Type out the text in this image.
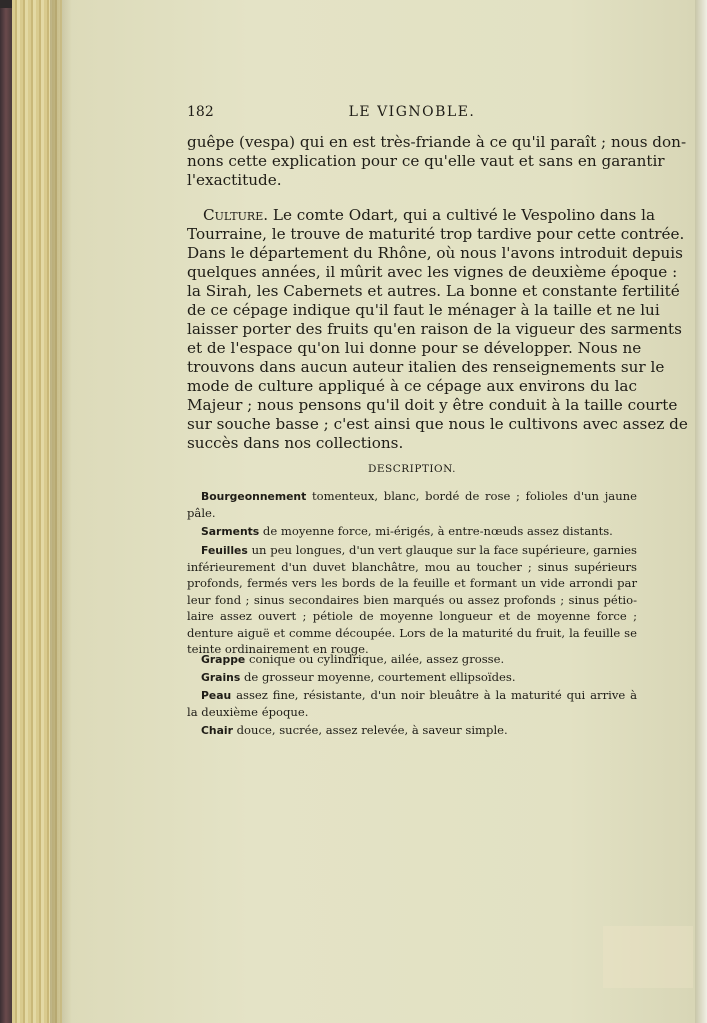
182	LE VIGNOBLE.
guêpe (vespa) qui en est très-friande à ce qu'il paraît ; nous don-
nons cette explication pour ce qu'elle vaut et sans en garantir
l'exactitude.
Culture. Le comte Odart, qui a cultivé le Vespolino dans la
Tourraine, le trouve de maturité trop tardive pour cette contrée.
Dans le département du Rhône, où nous l'avons introduit depuis
quelques années, il mûrit avec les vignes de deuxième époque :
la Sirah, les Cabernets et autres. La bonne et constante fertilité
de ce cépage indique qu'il faut le ménager à la taille et ne lui
laisser porter des fruits qu'en raison de la vigueur des sarments
et de l'espace qu'on lui donne pour se développer. Nous ne
trouvons dans aucun auteur italien des renseignements sur le
mode de culture appliqué à ce cépage aux environs du lac
Majeur ; nous pensons qu'il doit y être conduit à la taille courte
sur souche basse ; c'est ainsi que nous le cultivons avec assez de
succès dans nos collections.
DESCRIPTION.
Bourgeonnement tomenteux, blanc, bordé de rose ; folioles d'un jaune
pâle.
Sarments de moyenne force, mi-érigés, à entre-nœuds assez distants.
Feuilles un peu longues, d'un vert glauque sur la face supérieure, garnies
inférieurement d'un duvet blanchâtre, mou au toucher ; sinus supérieurs
profonds, fermés vers les bords de la feuille et formant un vide arrondi par
leur fond ; sinus secondaires bien marqués ou assez profonds ; sinus pétio-
laire assez ouvert ; pétiole de moyenne longueur et de moyenne force ;
denture aiguë et comme découpée. Lors de la maturité du fruit, la feuille se
teinte ordinairement en rouge.
Grappe conique ou cylindrique, ailée, assez grosse.
Grains de grosseur moyenne, courtement ellipsoïdes.
Peau assez fine, résistante, d'un noir bleuâtre à la maturité qui arrive à
la deuxième époque.
Chair douce, sucrée, assez relevée, à saveur simple.
